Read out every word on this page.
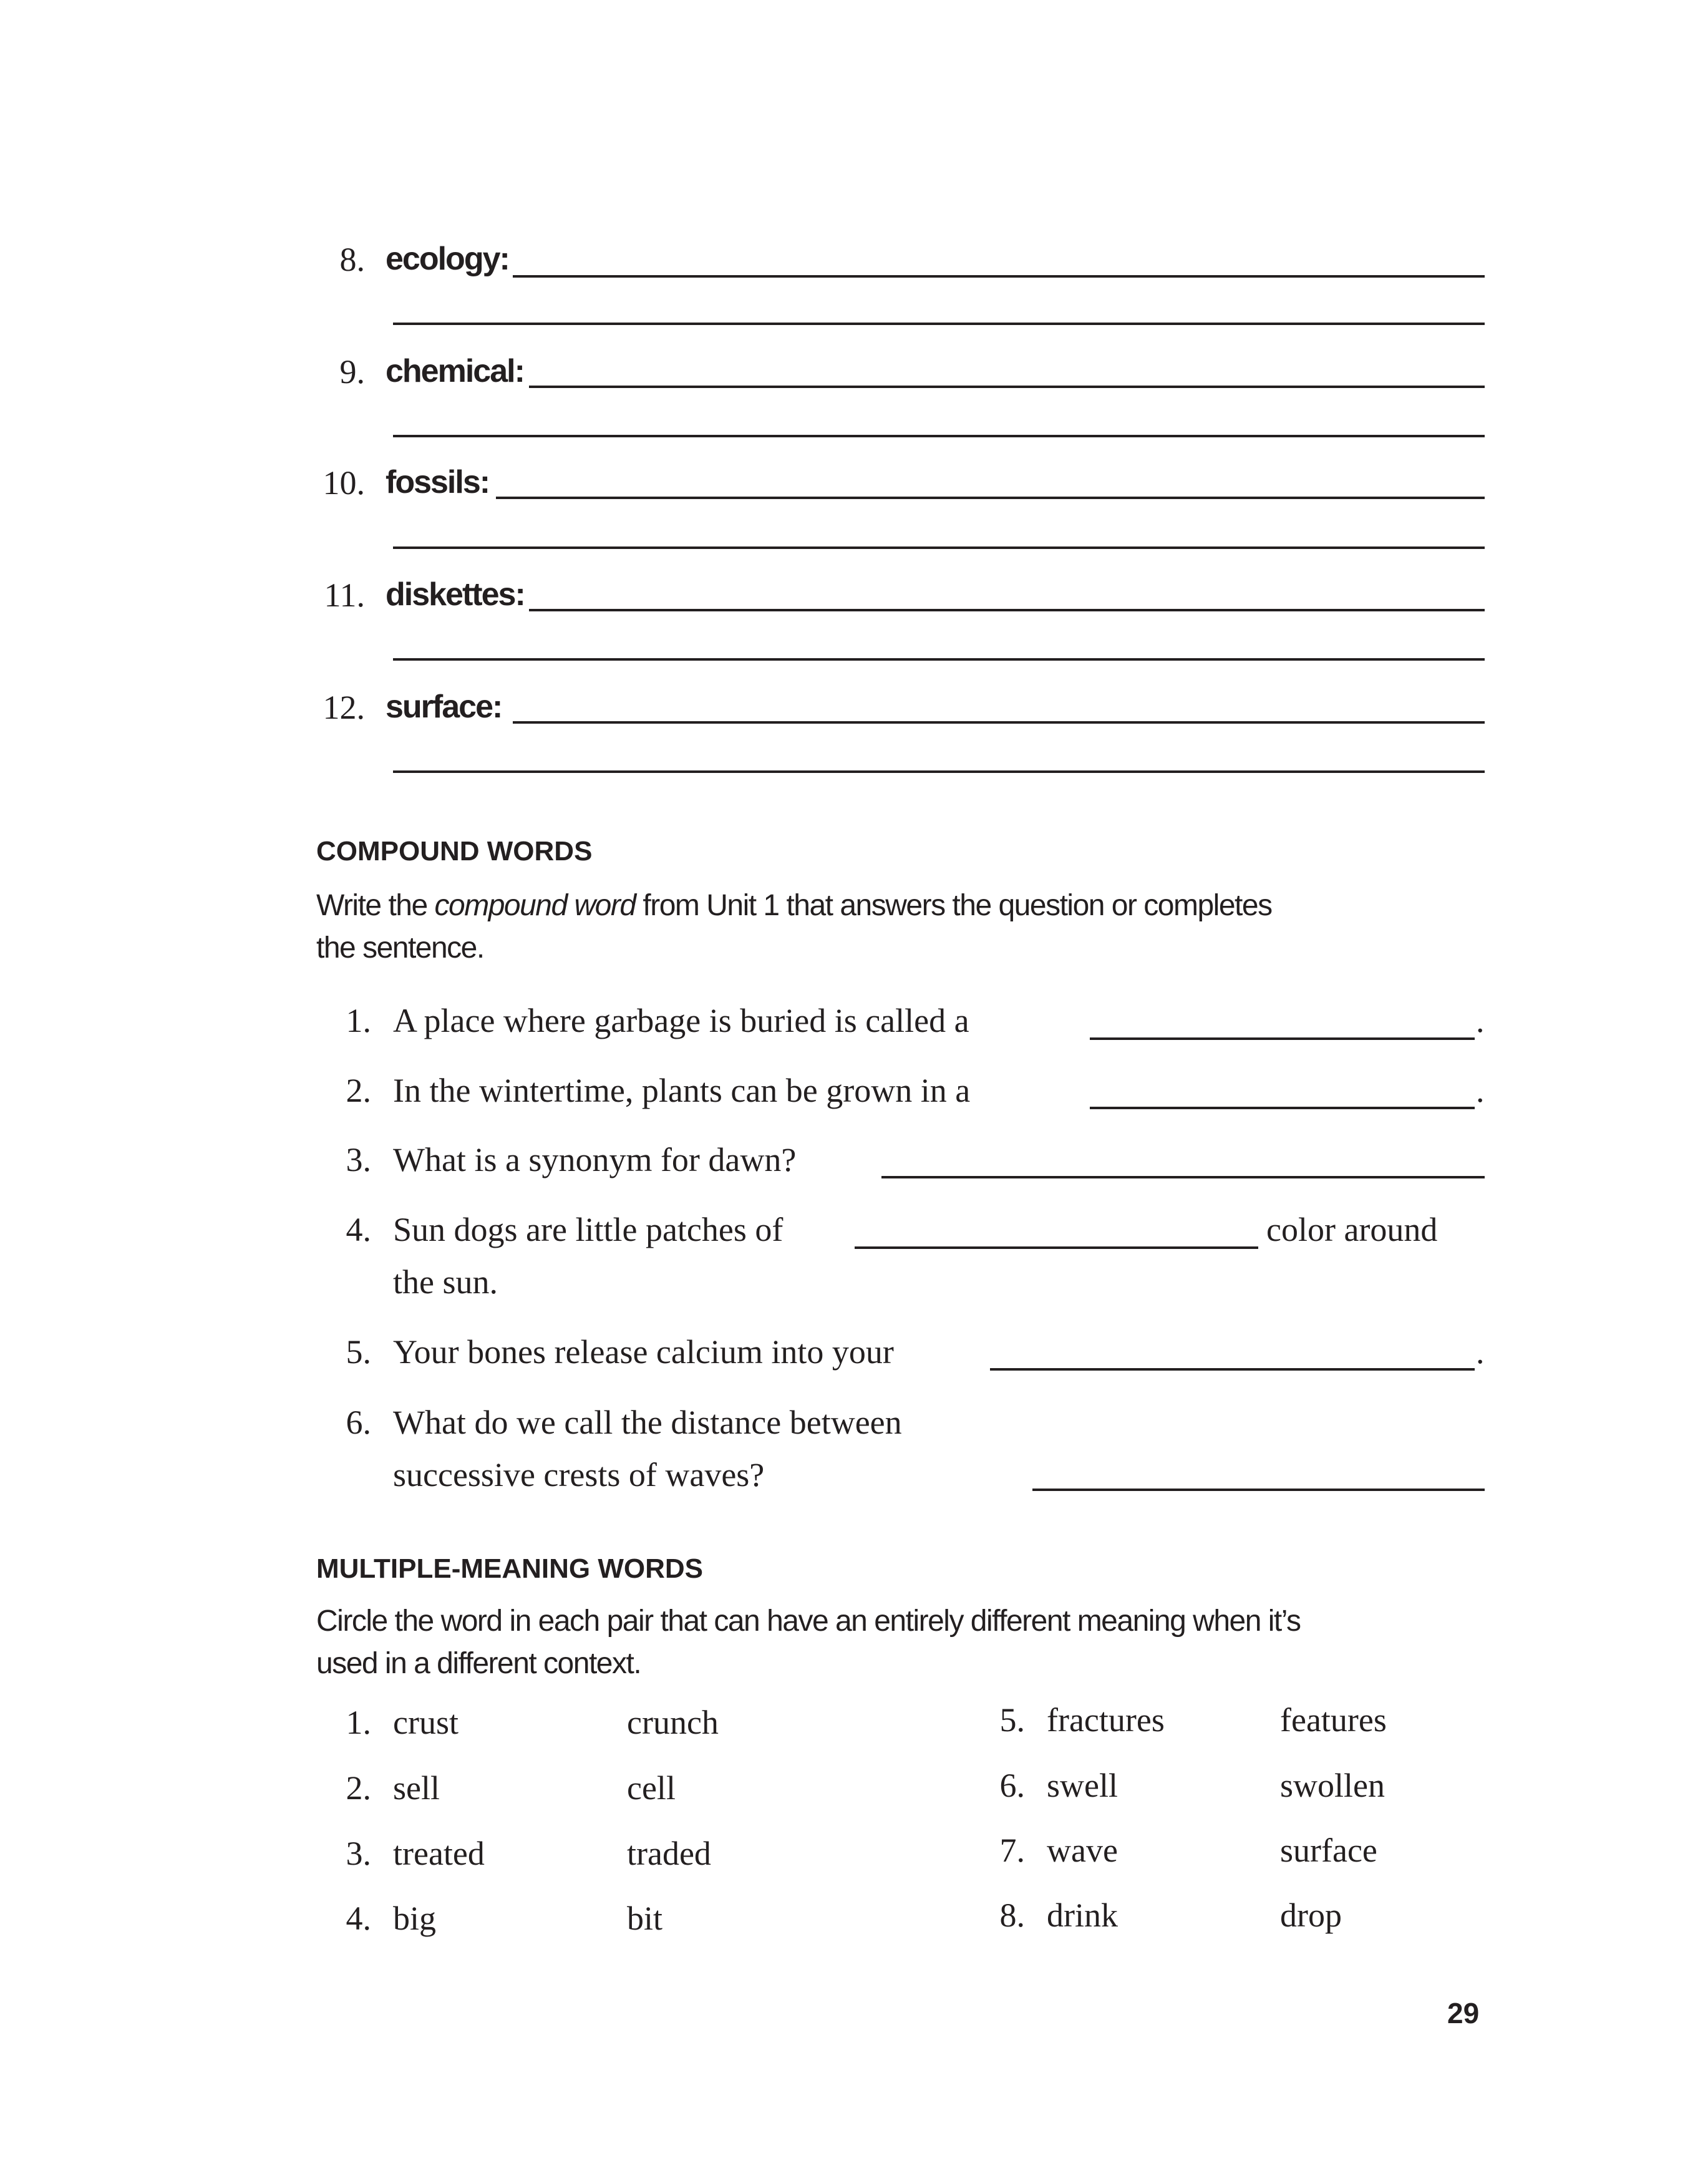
8. ecology:
9. chemical:
10. fossils:
11. diskettes:
12. surface:
COMPOUND WORDS
Write the compound word from Unit 1 that answers the question or completes
the sentence.
1. A place where garbage is buried is called a	.
2. In the wintertime, plants can be grown in a	.
3. What is a synonym for dawn?
4. Sun dogs are little patches of	color around
the sun.
5. Your bones release calcium into your	.
6. What do we call the distance between
successive crests of waves?
MULTIPLE-MEANING WORDS
Circle the word in each pair that can have an entirely different meaning when it’s
used in a different context.
1. crust	crunch
2. sell	cell
3. treated	traded
4. big	bit
5. fractures	features
6. swell	swollen
7. wave	surface
8. drink	drop
29
